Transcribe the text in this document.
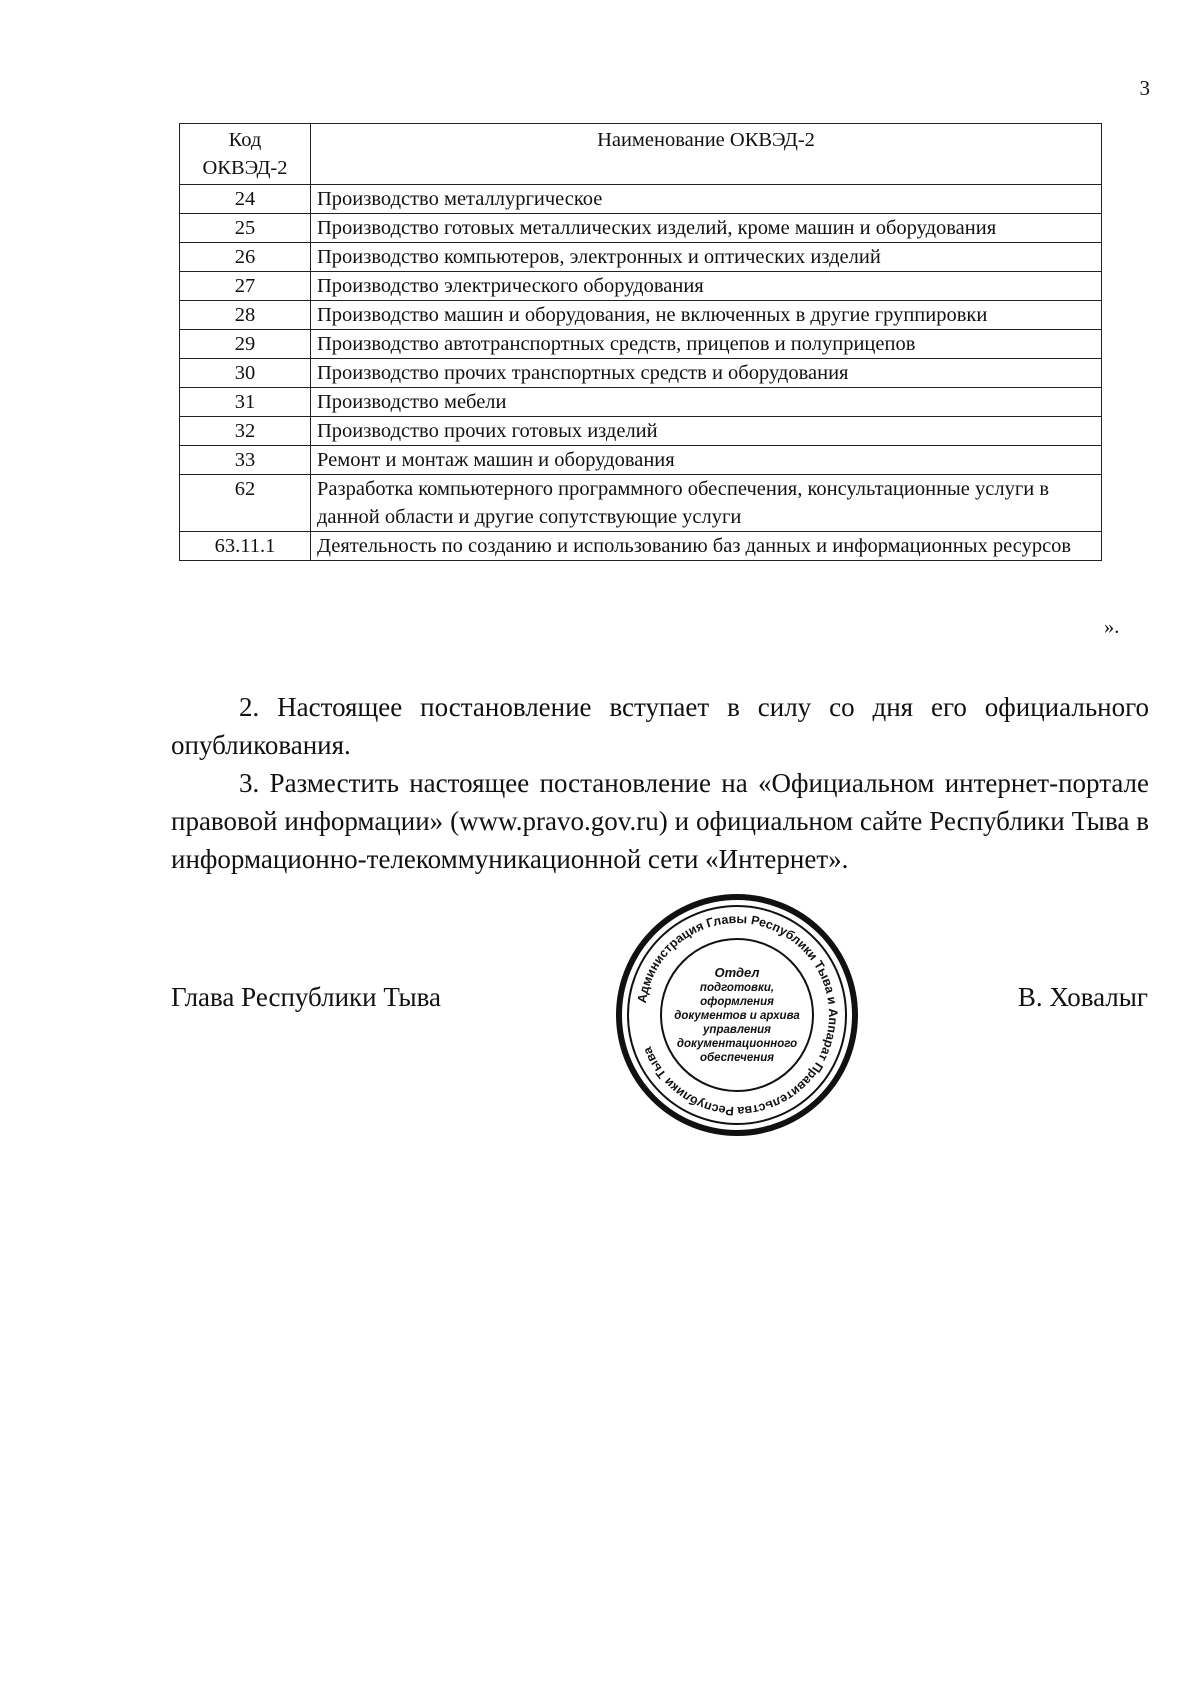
3
Код ОКВЭД-2	Наименование ОКВЭД-2
24	Производство металлургическое
25	Производство готовых металлических изделий, кроме машин и оборудования
26	Производство компьютеров, электронных и оптических изделий
27	Производство электрического оборудования
28	Производство машин и оборудования, не включенных в другие группировки
29	Производство автотранспортных средств, прицепов и полуприцепов
30	Производство прочих транспортных средств и оборудования
31	Производство мебели
32	Производство прочих готовых изделий
33	Ремонт и монтаж машин и оборудования
62	Разработка компьютерного программного обеспечения, консультационные услуги в данной области и другие сопутствующие услуги
63.11.1	Деятельность по созданию и использованию баз данных и информационных ресурсов
».
2. Настоящее постановление вступает в силу со дня его официального опубликования.
3. Разместить настоящее постановление на «Официальном интернет-портале правовой информации» (www.pravo.gov.ru) и официальном сайте Республики Тыва в информационно-телекоммуникационной сети «Интернет».
Глава Республики Тыва	В. Ховалыг
Администрация Главы Республики Тыва и Аппарат Правительства Республики Тыва
Отдел
подготовки,
оформления
документов и архива
управления
документационного
обеспечения
